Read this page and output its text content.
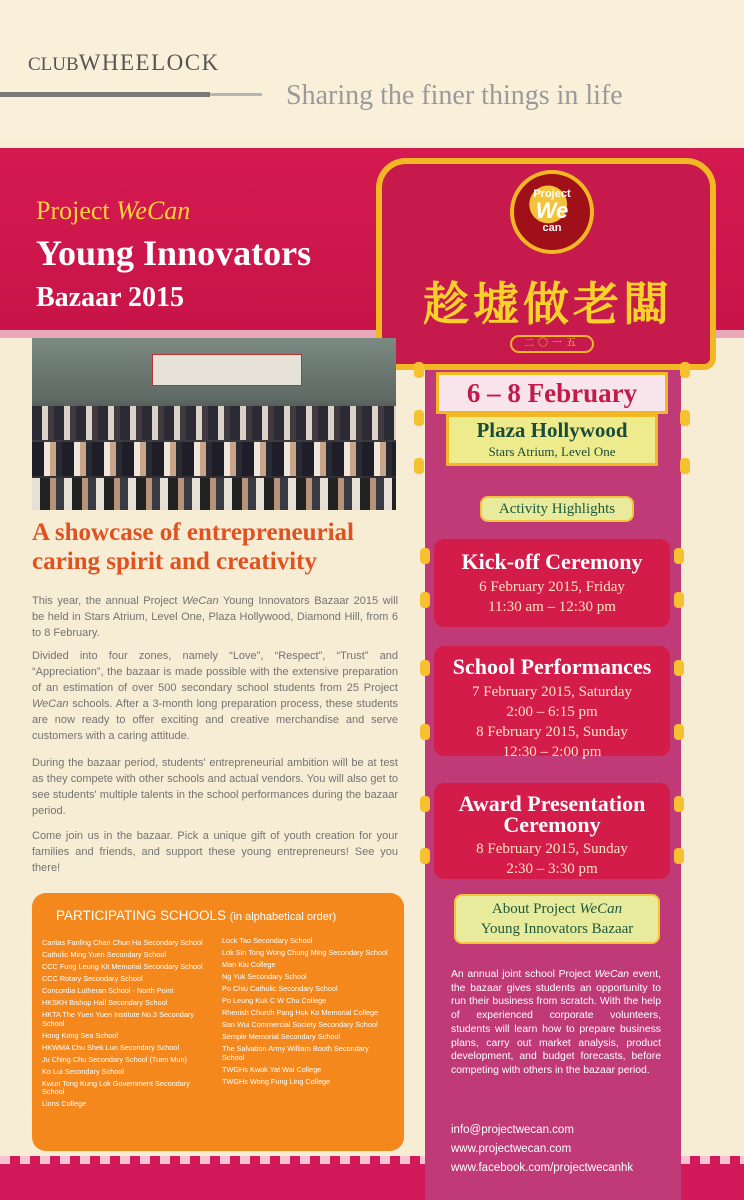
CLUBWHEELOCK
Sharing the finer things in life
Project WeCan
Young Innovators
Bazaar 2015
Project
We
can
趁墟做老闆
二〇一五
6 – 8 February
Plaza Hollywood
Stars Atrium, Level One
Activity Highlights
Kick-off Ceremony
6 February 2015, Friday
11:30 am – 12:30 pm
School Performances
7 February 2015, Saturday
2:00 – 6:15 pm
8 February 2015, Sunday
12:30 – 2:00 pm
Award Presentation
Ceremony
8 February 2015, Sunday
2:30 – 3:30 pm
About Project WeCan
Young Innovators Bazaar
An annual joint school Project WeCan event, the bazaar gives students an opportunity to run their business from scratch. With the help of experienced corporate volunteers, students will learn how to prepare business plans, carry out market analysis, product development, and budget forecasts, before competing with others in the bazaar period.
info@projectwecan.com
www.projectwecan.com
www.facebook.com/projectwecanhk
A showcase of entrepreneurial caring spirit and creativity
This year, the annual Project WeCan Young Innovators Bazaar 2015 will be held in Stars Atrium, Level One, Plaza Hollywood, Diamond Hill, from 6 to 8 February.
Divided into four zones, namely “Love”, “Respect”, “Trust” and “Appreciation”, the bazaar is made possible with the extensive preparation of an estimation of over 500 secondary school students from 25 Project WeCan schools. After a 3-month long preparation process, these students are now ready to offer exciting and creative merchandise and serve customers with a caring attitude.
During the bazaar period, students' entrepreneurial ambition will be at test as they compete with other schools and actual vendors. You will also get to see students' multiple talents in the school performances during the bazaar period.
Come join us in the bazaar. Pick a unique gift of youth creation for your families and friends, and support these young entrepreneurs! See you there!
PARTICIPATING SCHOOLS (in alphabetical order)
Caritas Fanling Chan Chun Ha Secondary School
Catholic Ming Yuen Secondary School
CCC Fung Leung Kit Memorial Secondary School
CCC Rotary Secondary School
Concordia Lutheran School - North Point
HKSKH Bishop Hall Secondary School
HKTA The Yuen Yuen Institute No.3 Secondary School
Hong Kong Sea School
HKWMA Chu Shek Lun Secondary School
Ju Ching Chu Secondary School (Tuen Mun)
Ko Lui Secondary School
Kwun Tong Kung Lok Government Secondary School
Lions College
Lock Tao Secondary School
Lok Sin Tong Wong Chung Ming Secondary School
Man Kiu College
Ng Yuk Secondary School
Po Chiu Catholic Secondary School
Po Leung Kuk C W Chu College
Rhenish Church Pang Hok Ko Memorial College
San Wui Commercial Society Secondary School
Semple Memorial Secondary School
The Salvation Army William Booth Secondary School
TWGHs Kwok Yat Wai College
TWGHs Wong Fung Ling College
